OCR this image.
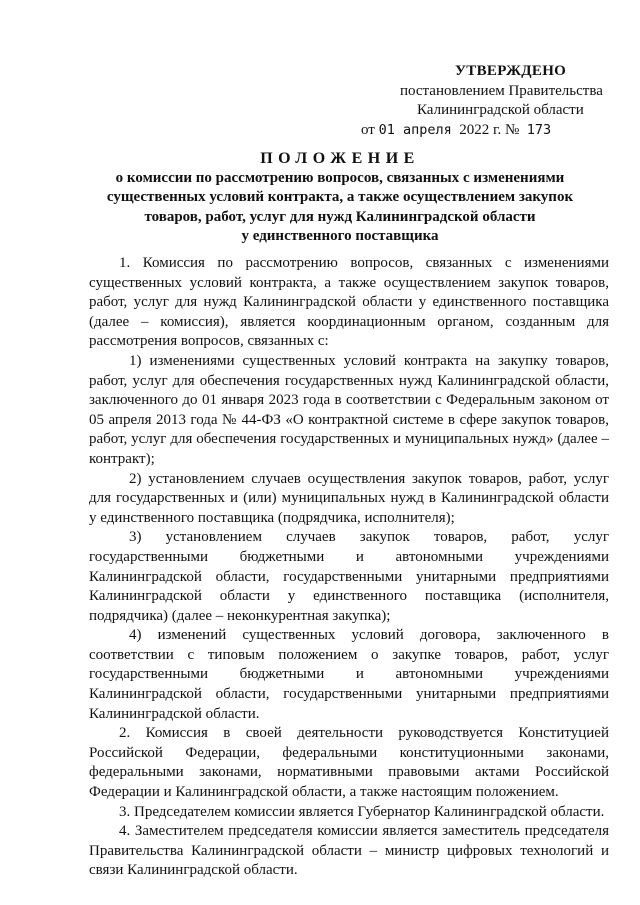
УТВЕРЖДЕНО
постановлением Правительства
Калининградской области
от 01 апреля 2022 г. № 173
ПОЛОЖЕНИЕ
о комиссии по рассмотрению вопросов, связанных с изменениями
существенных условий контракта, а также осуществлением закупок
товаров, работ, услуг для нужд Калининградской области
у единственного поставщика

1. Комиссия по рассмотрению вопросов, связанных с изменениями существенных условий контракта, а также осуществлением закупок товаров, работ, услуг для нужд Калининградской области у единственного поставщика (далее – комиссия), является координационным органом, созданным для рассмотрения вопросов, связанных с:

1) изменениями существенных условий контракта на закупку товаров, работ, услуг для обеспечения государственных нужд Калининградской области, заключенного до 01 января 2023 года в соответствии с Федеральным законом от 05 апреля 2013 года № 44-ФЗ «О контрактной системе в сфере закупок товаров, работ, услуг для обеспечения государственных и муниципальных нужд» (далее – контракт);

2) установлением случаев осуществления закупок товаров, работ, услуг для государственных и (или) муниципальных нужд в Калининградской области у единственного поставщика (подрядчика, исполнителя);

3) установлением случаев закупок товаров, работ, услуг государственными бюджетными и автономными учреждениями Калининградской области, государственными унитарными предприятиями Калининградской области у единственного поставщика (исполнителя, подрядчика) (далее – неконкурентная закупка);

4) изменений существенных условий договора, заключенного в соответствии с типовым положением о закупке товаров, работ, услуг государственными бюджетными и автономными учреждениями Калининградской области, государственными унитарными предприятиями Калининградской области.

2. Комиссия в своей деятельности руководствуется Конституцией Российской Федерации, федеральными конституционными законами, федеральными законами, нормативными правовыми актами Российской Федерации и Калининградской области, а также настоящим положением.

3. Председателем комиссии является Губернатор Калининградской области.

4. Заместителем председателя комиссии является заместитель председателя Правительства Калининградской области – министр цифровых технологий и связи Калининградской области.
